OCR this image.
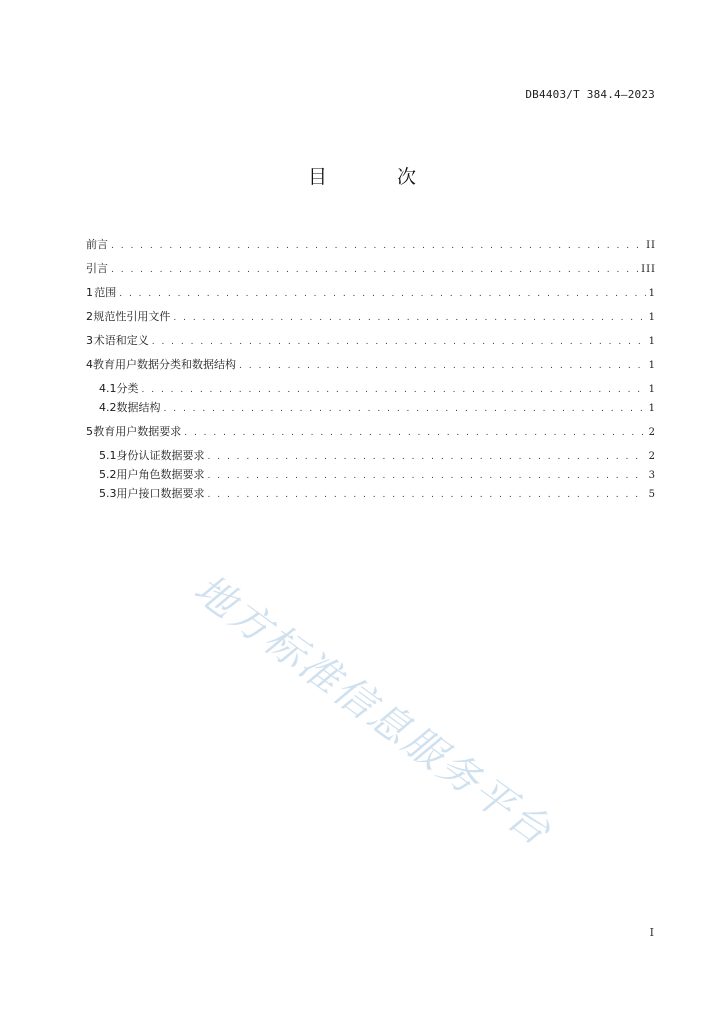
DB4403/T 384.4—2023
目 次
前言 . . .	II
引言 . . .	III
1 范围 . . .	1
2 规范性引用文件 . . .	1
3 术语和定义 . . .	1
4 教育用户数据分类和数据结构 . . .	1
4.1 分类 . . .	1
4.2 数据结构 . . .	1
5 教育用户数据要求 . . .	2
5.1 身份认证数据要求 . . .	2
5.2 用户角色数据要求 . . .	3
5.3 用户接口数据要求 . . .	5
地方标准信息服务平台
I
